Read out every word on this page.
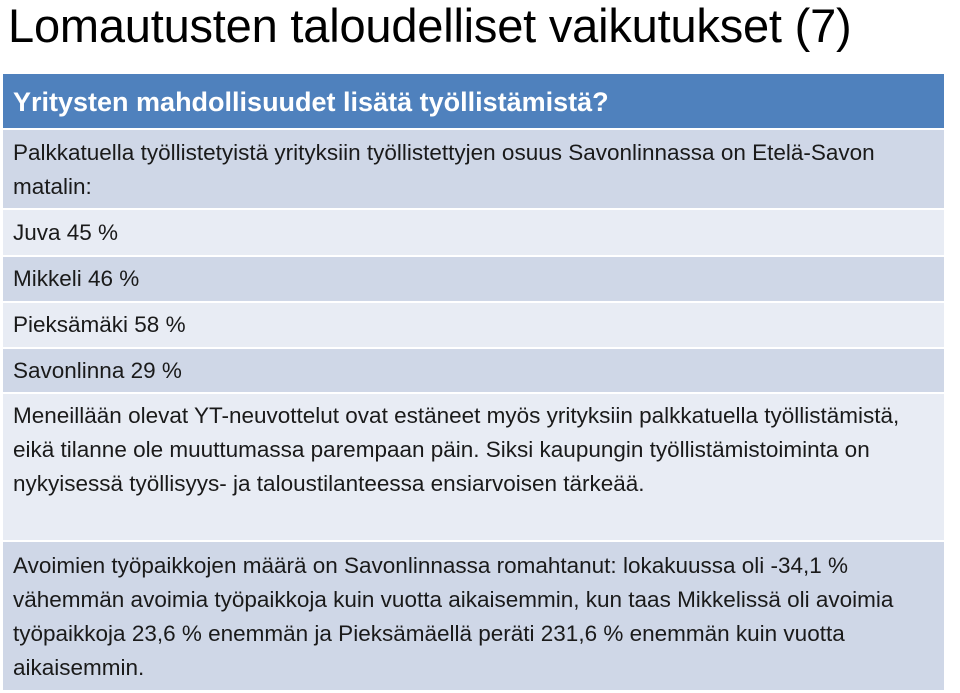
Lomautusten taloudelliset vaikutukset (7)
Yritysten mahdollisuudet lisätä työllistämistä?
Palkkatuella työllistetyistä yrityksiin työllistettyjen osuus Savonlinnassa on Etelä-Savon matalin:
Juva 45 %
Mikkeli 46 %
Pieksämäki 58 %
Savonlinna 29 %
Meneillään olevat YT-neuvottelut ovat estäneet myös yrityksiin palkkatuella työllistämistä, eikä tilanne ole muuttumassa parempaan päin. Siksi kaupungin työllistämistoiminta on nykyisessä työllisyys- ja taloustilanteessa ensiarvoisen tärkeää.
Avoimien työpaikkojen määrä on Savonlinnassa romahtanut: lokakuussa oli -34,1 % vähemmän avoimia työpaikkoja kuin vuotta aikaisemmin, kun taas Mikkelissä oli avoimia työpaikkoja 23,6 % enemmän ja Pieksämäellä peräti 231,6 % enemmän kuin vuotta aikaisemmin.
